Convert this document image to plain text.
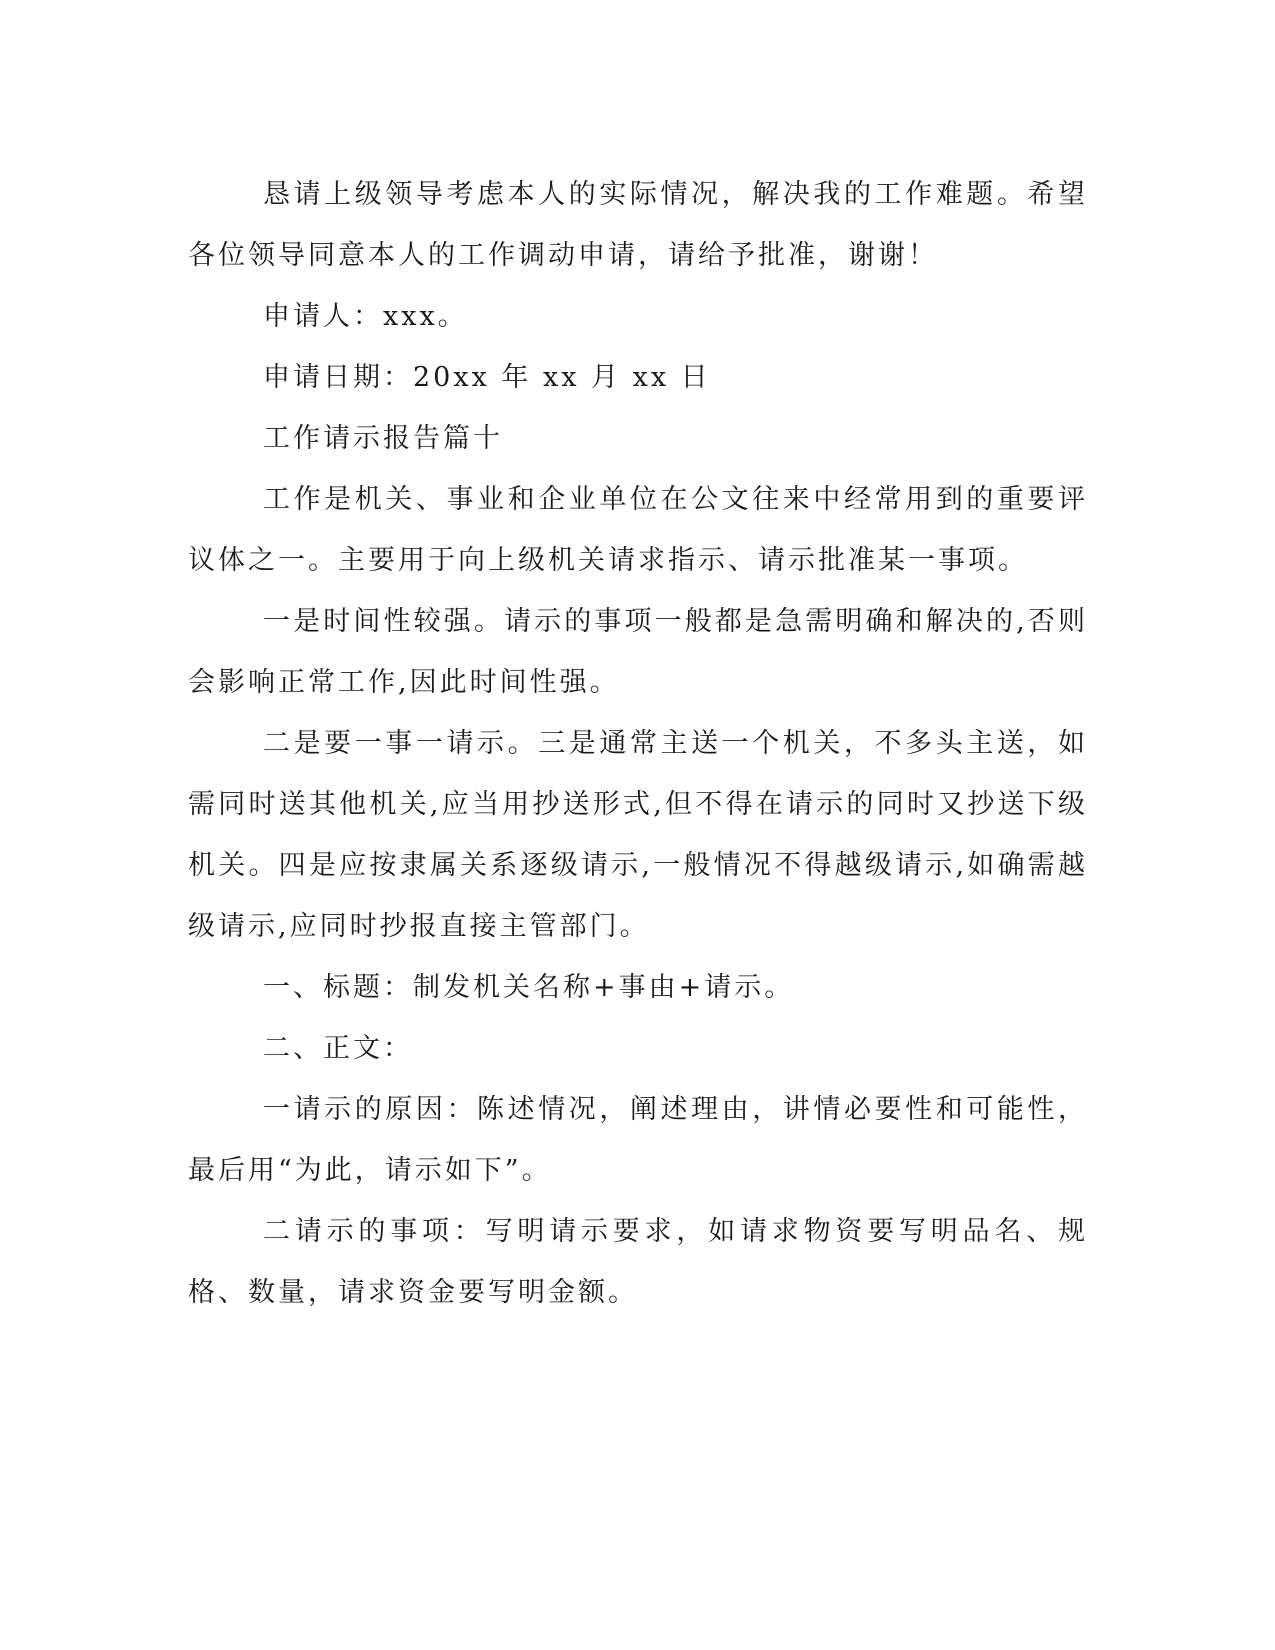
恳请上级领导考虑本人的实际情况，解决我的工作难题。希望各位领导同意本人的工作调动申请，请给予批准，谢谢！

申请人：xxx。

申请日期：20xx 年 xx 月 xx 日

工作请示报告篇十

工作是机关、事业和企业单位在公文往来中经常用到的重要评议体之一。主要用于向上级机关请求指示、请示批准某一事项。

一是时间性较强。请示的事项一般都是急需明确和解决的,否则会影响正常工作,因此时间性强。

二是要一事一请示。三是通常主送一个机关，不多头主送，如需同时送其他机关,应当用抄送形式,但不得在请示的同时又抄送下级机关。四是应按隶属关系逐级请示,一般情况不得越级请示,如确需越级请示,应同时抄报直接主管部门。

一、标题：制发机关名称+事由+请示。

二、正文：

一请示的原因：陈述情况，阐述理由，讲情必要性和可能性，最后用“为此，请示如下”。

二请示的事项：写明请示要求，如请求物资要写明品名、规格、数量，请求资金要写明金额。
